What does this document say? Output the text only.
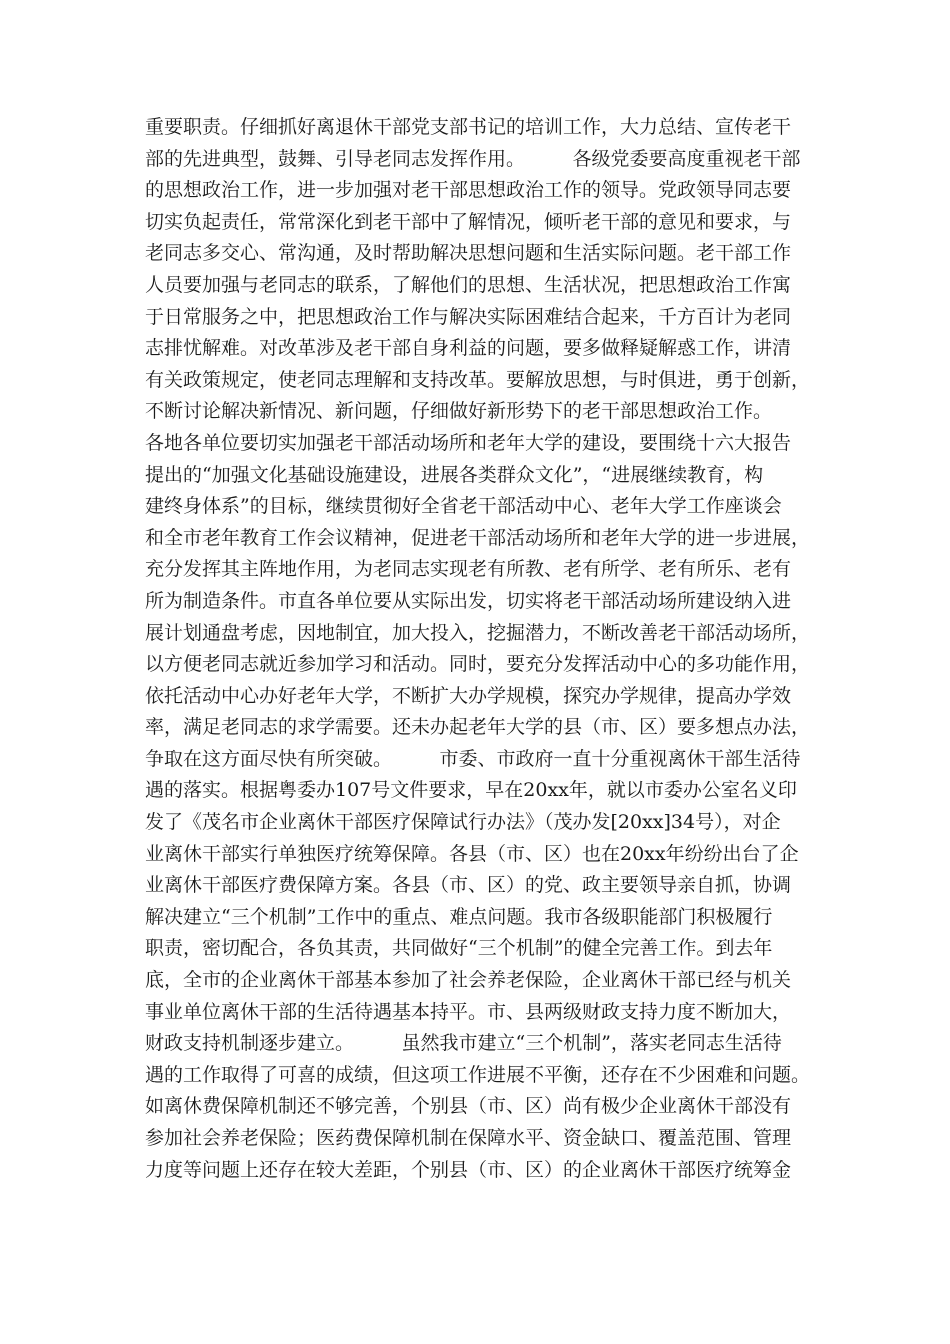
重要职责。仔细抓好离退休干部党支部书记的培训工作，大力总结、宣传老干
部的先进典型，鼓舞、引导老同志发挥作用。　　　各级党委要高度重视老干部
的思想政治工作，进一步加强对老干部思想政治工作的领导。党政领导同志要
切实负起责任，常常深化到老干部中了解情况，倾听老干部的意见和要求，与
老同志多交心、常沟通，及时帮助解决思想问题和生活实际问题。老干部工作
人员要加强与老同志的联系，了解他们的思想、生活状况，把思想政治工作寓
于日常服务之中，把思想政治工作与解决实际困难结合起来，千方百计为老同
志排忧解难。对改革涉及老干部自身利益的问题，要多做释疑解惑工作，讲清
有关政策规定，使老同志理解和支持改革。要解放思想，与时俱进，勇于创新，
不断讨论解决新情况、新问题，仔细做好新形势下的老干部思想政治工作。
各地各单位要切实加强老干部活动场所和老年大学的建设，要围绕十六大报告
提出的“加强文化基础设施建设，进展各类群众文化”，“进展继续教育，构
建终身体系”的目标，继续贯彻好全省老干部活动中心、老年大学工作座谈会
和全市老年教育工作会议精神，促进老干部活动场所和老年大学的进一步进展，
充分发挥其主阵地作用，为老同志实现老有所教、老有所学、老有所乐、老有
所为制造条件。市直各单位要从实际出发，切实将老干部活动场所建设纳入进
展计划通盘考虑，因地制宜，加大投入，挖掘潜力，不断改善老干部活动场所，
以方便老同志就近参加学习和活动。同时，要充分发挥活动中心的多功能作用，
依托活动中心办好老年大学，不断扩大办学规模，探究办学规律，提高办学效
率，满足老同志的求学需要。还未办起老年大学的县（市、区）要多想点办法，
争取在这方面尽快有所突破。　　　市委、市政府一直十分重视离休干部生活待
遇的落实。根据粤委办107号文件要求，早在20xx年，就以市委办公室名义印
发了《茂名市企业离休干部医疗保障试行办法》（茂办发[20xx]34号），对企
业离休干部实行单独医疗统筹保障。各县（市、区）也在20xx年纷纷出台了企
业离休干部医疗费保障方案。各县（市、区）的党、政主要领导亲自抓，协调
解决建立“三个机制”工作中的重点、难点问题。我市各级职能部门积极履行
职责，密切配合，各负其责，共同做好“三个机制”的健全完善工作。到去年
底，全市的企业离休干部基本参加了社会养老保险，企业离休干部已经与机关
事业单位离休干部的生活待遇基本持平。市、县两级财政支持力度不断加大，
财政支持机制逐步建立。　　　虽然我市建立“三个机制”，落实老同志生活待
遇的工作取得了可喜的成绩，但这项工作进展不平衡，还存在不少困难和问题。
如离休费保障机制还不够完善，个别县（市、区）尚有极少企业离休干部没有
参加社会养老保险；医药费保障机制在保障水平、资金缺口、覆盖范围、管理
力度等问题上还存在较大差距，个别县（市、区）的企业离休干部医疗统筹金
